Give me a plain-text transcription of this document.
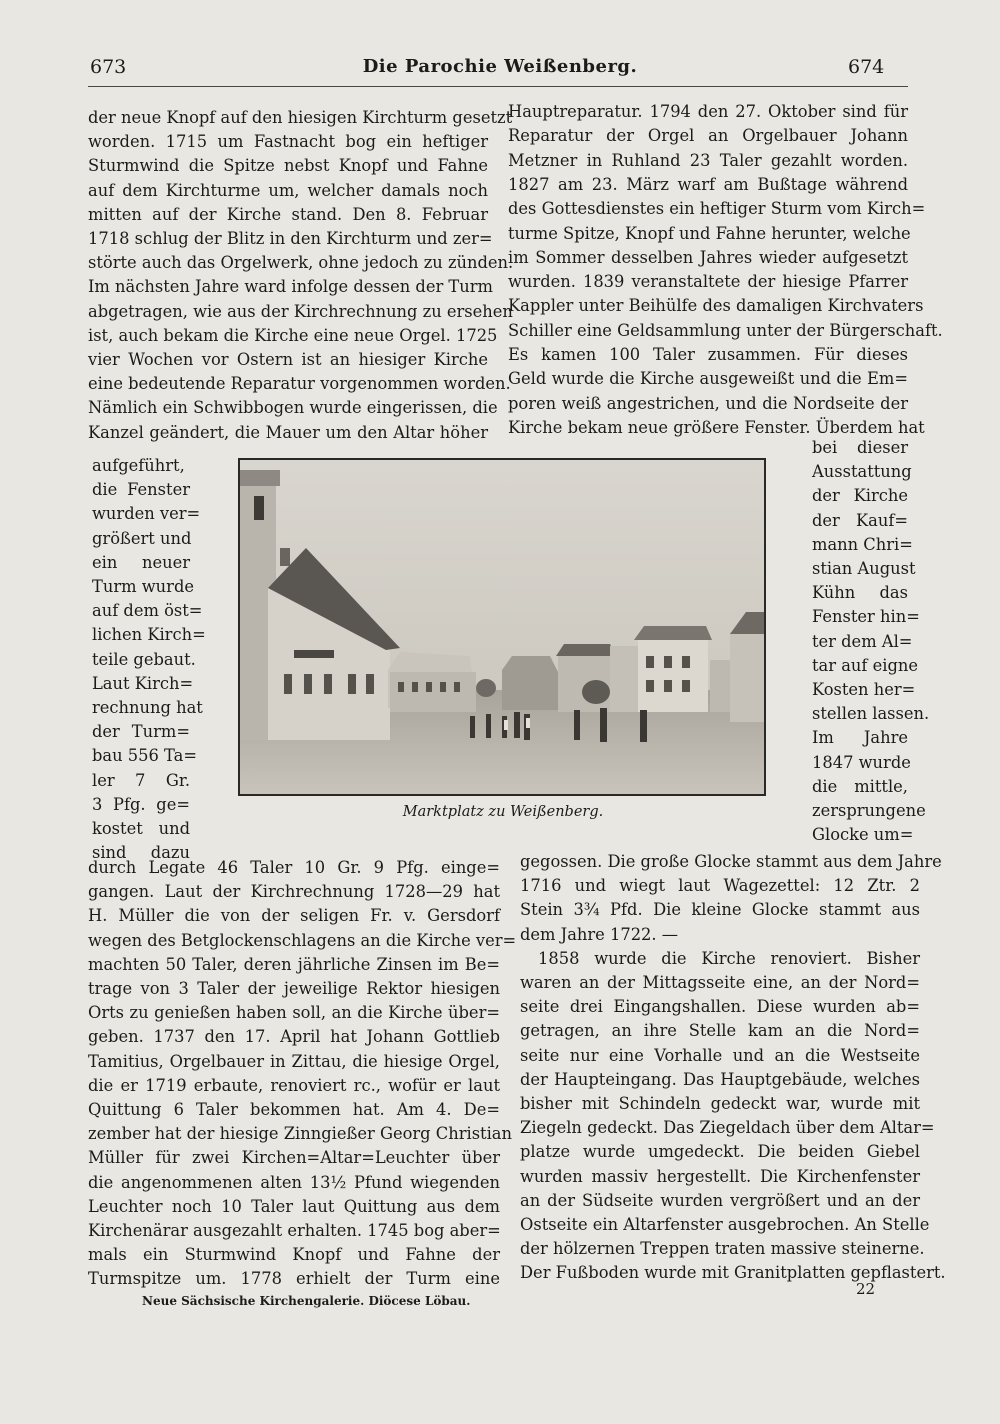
673	Die Parochie Weißenberg.	674
der neue Knopf auf den hiesigen Kirchturm gesetzt
worden. 1715 um Fastnacht bog ein heftiger
Sturmwind die Spitze nebst Knopf und Fahne
auf dem Kirchturme um, welcher damals noch
mitten auf der Kirche stand. Den 8. Februar
1718 schlug der Blitz in den Kirchturm und zer=
störte auch das Orgelwerk, ohne jedoch zu zünden.
Im nächsten Jahre ward infolge dessen der Turm
abgetragen, wie aus der Kirchrechnung zu ersehen
ist, auch bekam die Kirche eine neue Orgel. 1725
vier Wochen vor Ostern ist an hiesiger Kirche
eine bedeutende Reparatur vorgenommen worden.
Nämlich ein Schwibbogen wurde eingerissen, die
Kanzel geändert, die Mauer um den Altar höher
aufgeführt,
die Fenster
wurden ver=
größert und
ein neuer
Turm wurde
auf dem öst=
lichen Kirch=
teile gebaut.
Laut Kirch=
rechnung hat
der Turm=
bau 556 Ta=
ler 7 Gr.
3 Pfg. ge=
kostet und
sind dazu
durch Legate 46 Taler 10 Gr. 9 Pfg. einge=
gangen. Laut der Kirchrechnung 1728—29 hat
H. Müller die von der seligen Fr. v. Gersdorf
wegen des Betglockenschlagens an die Kirche ver=
machten 50 Taler, deren jährliche Zinsen im Be=
trage von 3 Taler der jeweilige Rektor hiesigen
Orts zu genießen haben soll, an die Kirche über=
geben. 1737 den 17. April hat Johann Gottlieb
Tamitius, Orgelbauer in Zittau, die hiesige Orgel,
die er 1719 erbaute, renoviert rc., wofür er laut
Quittung 6 Taler bekommen hat. Am 4. De=
zember hat der hiesige Zinngießer Georg Christian
Müller für zwei Kirchen=Altar=Leuchter über
die angenommenen alten 13½ Pfund wiegenden
Leuchter noch 10 Taler laut Quittung aus dem
Kirchenärar ausgezahlt erhalten. 1745 bog aber=
mals ein Sturmwind Knopf und Fahne der
Turmspitze um. 1778 erhielt der Turm eine
Hauptreparatur. 1794 den 27. Oktober sind für
Reparatur der Orgel an Orgelbauer Johann
Metzner in Ruhland 23 Taler gezahlt worden.
1827 am 23. März warf am Bußtage während
des Gottesdienstes ein heftiger Sturm vom Kirch=
turme Spitze, Knopf und Fahne herunter, welche
im Sommer desselben Jahres wieder aufgesetzt
wurden. 1839 veranstaltete der hiesige Pfarrer
Kappler unter Beihülfe des damaligen Kirchvaters
Schiller eine Geldsammlung unter der Bürgerschaft.
Es kamen 100 Taler zusammen. Für dieses
Geld wurde die Kirche ausgeweißt und die Em=
poren weiß angestrichen, und die Nordseite der
Kirche bekam neue größere Fenster. Überdem hat
bei dieser
Ausstattung
der Kirche
der Kauf=
mann Chri=
stian August
Kühn das
Fenster hin=
ter dem Al=
tar auf eigne
Kosten her=
stellen lassen.
Im Jahre
1847 wurde
die mittle,
zersprungene
Glocke um=
gegossen. Die große Glocke stammt aus dem Jahre
1716 und wiegt laut Wagezettel: 12 Ztr. 2
Stein 3¾ Pfd. Die kleine Glocke stammt aus
dem Jahre 1722. —
1858 wurde die Kirche renoviert. Bisher
waren an der Mittagsseite eine, an der Nord=
seite drei Eingangshallen. Diese wurden ab=
getragen, an ihre Stelle kam an die Nord=
seite nur eine Vorhalle und an die Westseite
der Haupteingang. Das Hauptgebäude, welches
bisher mit Schindeln gedeckt war, wurde mit
Ziegeln gedeckt. Das Ziegeldach über dem Altar=
platze wurde umgedeckt. Die beiden Giebel
wurden massiv hergestellt. Die Kirchenfenster
an der Südseite wurden vergrößert und an der
Ostseite ein Altarfenster ausgebrochen. An Stelle
der hölzernen Treppen traten massive steinerne.
Der Fußboden wurde mit Granitplatten gepflastert.
Marktplatz zu Weißenberg.
Neue Sächsische Kirchengalerie. Diöcese Löbau.
22
